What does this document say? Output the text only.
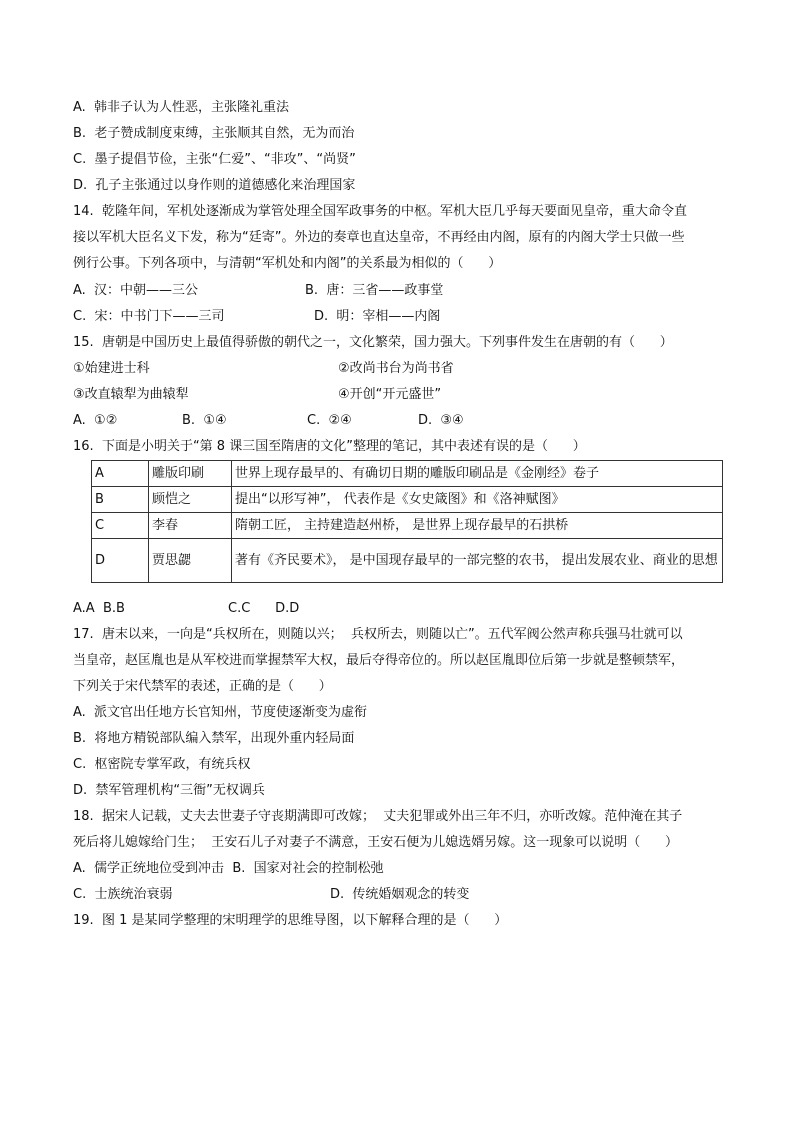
A.  韩非子认为人性恶，主张隆礼重法
B.  老子赞成制度束缚，主张顺其自然，无为而治
C.  墨子提倡节俭，主张“仁爱”、“非攻”、“尚贤”
D.  孔子主张通过以身作则的道德感化来治理国家
14.  乾隆年间，军机处逐渐成为掌管处理全国军政事务的中枢。军机大臣几乎每天要面见皇帝，重大命令直
接以军机大臣名义下发，称为“廷寄”。外边的奏章也直达皇帝，不再经由内阁，原有的内阁大学士只做一些
例行公事。下列各项中，与清朝“军机处和内阁”的关系最为相似的（      ）
A.  汉：中朝——三公	B.  唐：三省——政事堂
C.  宋：中书门下——三司	D.  明：宰相——内阁
15.  唐朝是中国历史上最值得骄傲的朝代之一，文化繁荣，国力强大。下列事件发生在唐朝的有（      ）
①始建进士科	②改尚书台为尚书省
③改直辕犁为曲辕犁	④开创“开元盛世”
A.  ①②	B.  ①④	C.  ②④	D.  ③④
16.  下面是小明关于“第 8 课三国至隋唐的文化”整理的笔记，其中表述有误的是（      ）
A	雕版印刷	世界上现存最早的、有确切日期的雕版印刷品是《金刚经》卷子
B	顾恺之	提出“以形写神”， 代表作是《女史箴图》和《洛神赋图》
C	李春	隋朝工匠， 主持建造赵州桥， 是世界上现存最早的石拱桥
D	贾思勰	著有《齐民要术》， 是中国现存最早的一部完整的农书， 提出发展农业、商业的思想
A.A  B.B	C.C      D.D
17.  唐末以来，一向是“兵权所在，则随以兴；  兵权所去，则随以亡”。五代军阀公然声称兵强马壮就可以
当皇帝，赵匡胤也是从军校进而掌握禁军大权，最后夺得帝位的。所以赵匡胤即位后第一步就是整顿禁军，
下列关于宋代禁军的表述，正确的是（      ）
A.  派文官出任地方长官知州，节度使逐渐变为虚衔
B.  将地方精锐部队编入禁军，出现外重内轻局面
C.  枢密院专掌军政，有统兵权
D.  禁军管理机构“三衙”无权调兵
18.  据宋人记载，丈夫去世妻子守丧期满即可改嫁；  丈夫犯罪或外出三年不归，亦听改嫁。范仲淹在其子
死后将儿媳嫁给门生；  王安石儿子对妻子不满意，王安石便为儿媳选婿另嫁。这一现象可以说明（      ）
A.  儒学正统地位受到冲击  B.  国家对社会的控制松弛
C.  士族统治衰弱	D.  传统婚姻观念的转变
19.  图 1 是某同学整理的宋明理学的思维导图，以下解释合理的是（      ）
